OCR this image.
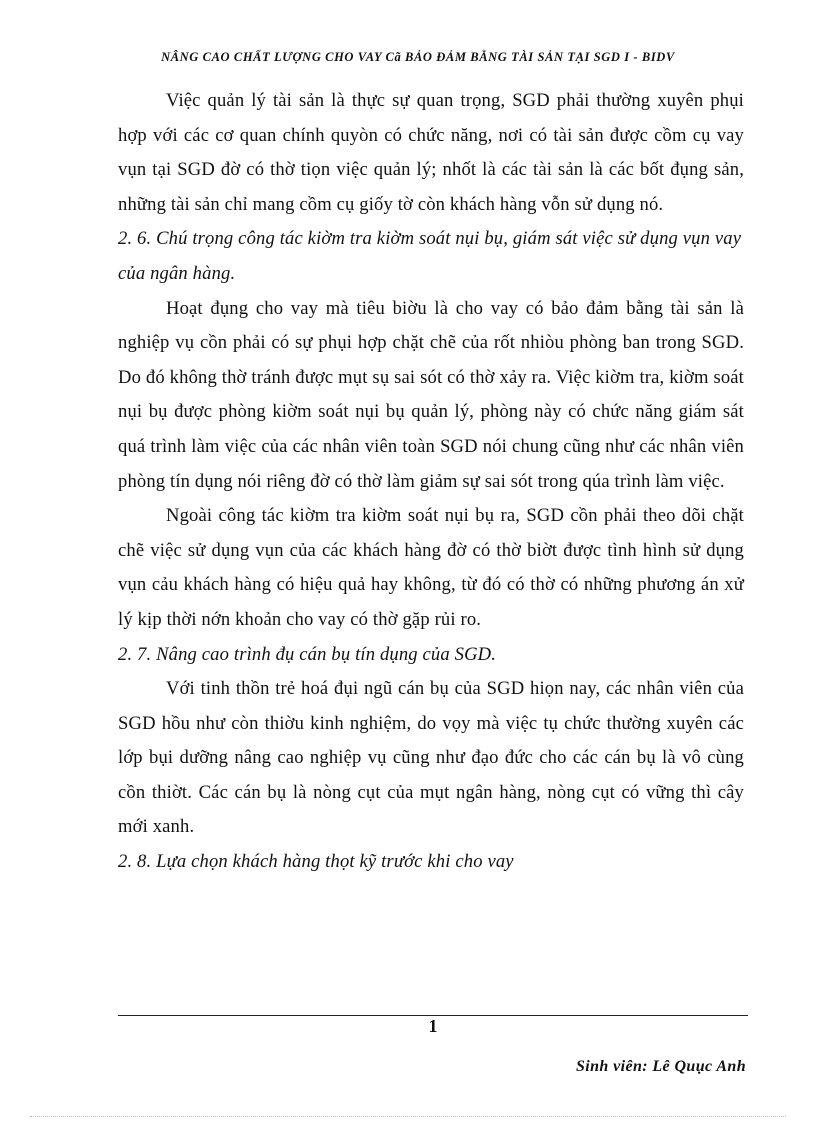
NÂNG CAO CHẤT LƯỢNG CHO VAY Cã BẢO ĐẢM BẰNG TÀI SẢN TẠI SGD I - BIDV

Việc quản lý tài sản là thực sự quan trọng, SGD phải thường xuyên phụi hợp với các cơ quan chính quyòn có chức năng, nơi có tài sản được cồm cụ vay vụn tại SGD đờ có thờ tiọn việc quản lý; nhốt là các tài sản là các bốt đụng sản, những tài sản chỉ mang cồm cụ giốy tờ còn khách hàng vỗn sử dụng nó.

2. 6. Chú trọng công tác kiờm tra kiờm soát nụi bụ, giám sát việc sử dụng vụn vay của ngân hàng.

Hoạt đụng cho vay mà tiêu biờu là cho vay có bảo đảm bằng tài sản là nghiệp vụ cồn phải có sự phụi hợp chặt chẽ của rốt nhiòu phòng ban trong SGD. Do đó không thờ tránh được mụt sụ sai sót có thờ xảy ra. Việc kiờm tra, kiờm soát nụi bụ được phòng kiờm soát nụi bụ quản lý, phòng này có chức năng giám sát quá trình làm việc của các nhân viên toàn SGD nói chung cũng như các nhân viên phòng tín dụng nói riêng đờ có thờ làm giảm sự sai sót trong qúa trình làm việc.

Ngoài công tác kiờm tra kiờm soát nụi bụ ra, SGD cồn phải theo dõi chặt chẽ việc sử dụng vụn của các khách hàng đờ có thờ biờt được tình hình sử dụng vụn cảu khách hàng có hiệu quả hay không, từ đó có thờ có những phương án xử lý kịp thời nớn khoản cho vay có thờ gặp rủi ro.

2. 7. Nâng cao trình đụ cán bụ tín dụng của SGD.

Với tinh thồn trẻ hoá đụi ngũ cán bụ của SGD hiọn nay, các nhân viên của SGD hồu như còn thiờu kinh nghiệm, do vọy mà việc tụ chức thường xuyên các lớp bụi dưỡng nâng cao nghiệp vụ cũng như đạo đức cho các cán bụ là vô cùng cồn thiờt. Các cán bụ là nòng cụt của mụt ngân hàng, nòng cụt có vững thì cây mới xanh.

2. 8. Lựa chọn khách hàng thọt kỹ trước khi cho vay

1
Sinh viên: Lê Quục Anh
